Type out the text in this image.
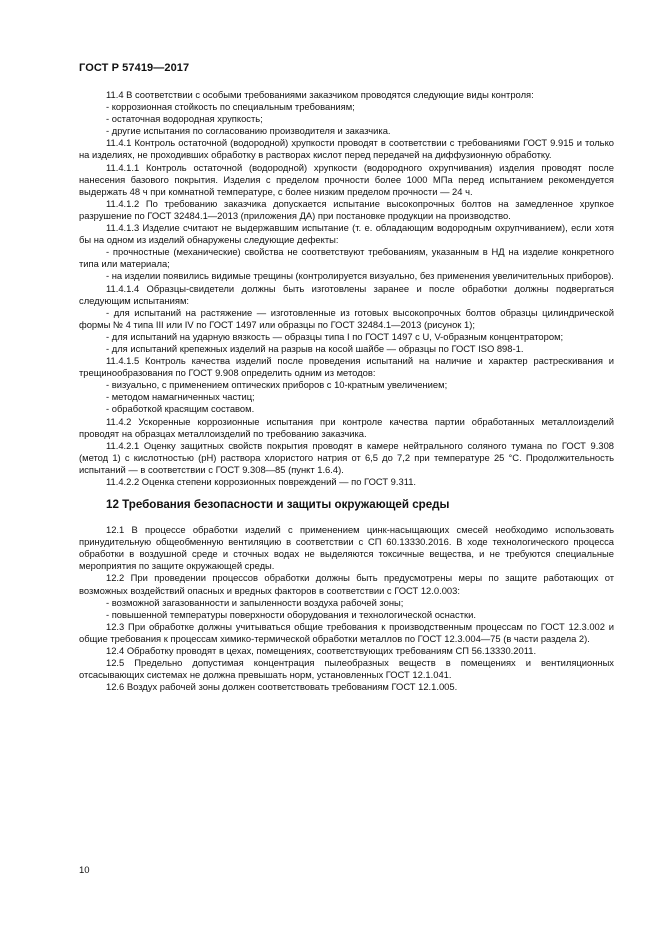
ГОСТ Р 57419—2017

11.4 В соответствии с особыми требованиями заказчиком проводятся следующие виды контроля:

- коррозионная стойкость по специальным требованиям;

- остаточная водородная хрупкость;

- другие испытания по согласованию производителя и заказчика.

11.4.1 Контроль остаточной (водородной) хрупкости проводят в соответствии с требованиями ГОСТ 9.915 и только на изделиях, не проходивших обработку в растворах кислот перед передачей на диффузионную обработку.

11.4.1.1 Контроль остаточной (водородной) хрупкости (водородного охрупчивания) изделия проводят после нанесения базового покрытия. Изделия с пределом прочности более 1000 МПа перед испытанием рекомендуется выдержать 48 ч при комнатной температуре, с более низким пределом прочности — 24 ч.

11.4.1.2 По требованию заказчика допускается испытание высокопрочных болтов на замедленное хрупкое разрушение по ГОСТ 32484.1—2013 (приложения ДА) при постановке продукции на производство.

11.4.1.3 Изделие считают не выдержавшим испытание (т. е. обладающим водородным охрупчиванием), если хотя бы на одном из изделий обнаружены следующие дефекты:

- прочностные (механические) свойства не соответствуют требованиям, указанным в НД на изделие конкретного типа или материала;

- на изделии появились видимые трещины (контролируется визуально, без применения увеличительных приборов).

11.4.1.4 Образцы-свидетели должны быть изготовлены заранее и после обработки должны подвергаться следующим испытаниям:

- для испытаний на растяжение — изготовленные из готовых высокопрочных болтов образцы цилиндрической формы № 4 типа III или IV по ГОСТ 1497 или образцы по ГОСТ 32484.1—2013 (рисунок 1);

- для испытаний на ударную вязкость — образцы типа I по ГОСТ 1497 с U, V-образным концентратором;

- для испытаний крепежных изделий на разрыв на косой шайбе — образцы по ГОСТ ISO 898-1.

11.4.1.5 Контроль качества изделий после проведения испытаний на наличие и характер растрескивания и трещинообразования по ГОСТ 9.908 определить одним из методов:

- визуально, с применением оптических приборов с 10-кратным увеличением;

- методом намагниченных частиц;

- обработкой красящим составом.

11.4.2 Ускоренные коррозионные испытания при контроле качества партии обработанных металлоизделий проводят на образцах металлоизделий по требованию заказчика.

11.4.2.1 Оценку защитных свойств покрытия проводят в камере нейтрального соляного тумана по ГОСТ 9.308 (метод 1) с кислотностью (рН) раствора хлористого натрия от 6,5 до 7,2 при температуре 25 °С. Продолжительность испытаний — в соответствии с ГОСТ 9.308—85 (пункт 1.6.4).

11.4.2.2 Оценка степени коррозионных повреждений — по ГОСТ 9.311.

12 Требования безопасности и защиты окружающей среды

12.1 В процессе обработки изделий с применением цинк-насыщающих смесей необходимо использовать принудительную общеобменную вентиляцию в соответствии с СП 60.13330.2016. В ходе технологического процесса обработки в воздушной среде и сточных водах не выделяются токсичные вещества, и не требуются специальные мероприятия по защите окружающей среды.

12.2 При проведении процессов обработки должны быть предусмотрены меры по защите работающих от возможных воздействий опасных и вредных факторов в соответствии с ГОСТ 12.0.003:

- возможной загазованности и запыленности воздуха рабочей зоны;

- повышенной температуры поверхности оборудования и технологической оснастки.

12.3 При обработке должны учитываться общие требования к производственным процессам по ГОСТ 12.3.002 и общие требования к процессам химико-термической обработки металлов по ГОСТ 12.3.004—75 (в части раздела 2).

12.4 Обработку проводят в цехах, помещениях, соответствующих требованиям СП 56.13330.2011.

12.5 Предельно допустимая концентрация пылеобразных веществ в помещениях и вентиляционных отсасывающих системах не должна превышать норм, установленных ГОСТ 12.1.041.

12.6 Воздух рабочей зоны должен соответствовать требованиям ГОСТ 12.1.005.

10
